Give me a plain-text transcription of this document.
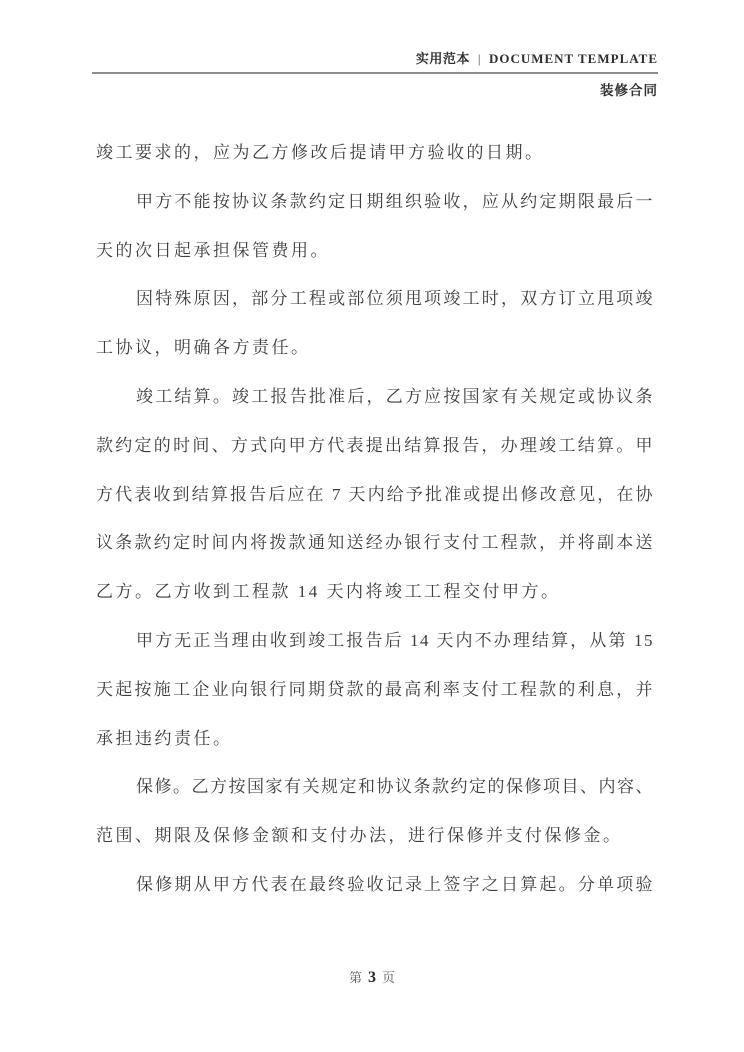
实用范本 | DOCUMENT TEMPLATE
装修合同
竣工要求的，应为乙方修改后提请甲方验收的日期。
甲方不能按协议条款约定日期组织验收，应从约定期限最后一
天的次日起承担保管费用。
因特殊原因，部分工程或部位须甩项竣工时，双方订立甩项竣
工协议，明确各方责任。
竣工结算。竣工报告批准后，乙方应按国家有关规定或协议条
款约定的时间、方式向甲方代表提出结算报告，办理竣工结算。甲
方代表收到结算报告后应在 7 天内给予批准或提出修改意见，在协
议条款约定时间内将拨款通知送经办银行支付工程款，并将副本送
乙方。乙方收到工程款 14 天内将竣工工程交付甲方。
甲方无正当理由收到竣工报告后 14 天内不办理结算，从第 15
天起按施工企业向银行同期贷款的最高利率支付工程款的利息，并
承担违约责任。
保修。乙方按国家有关规定和协议条款约定的保修项目、内容、
范围、期限及保修金额和支付办法，进行保修并支付保修金。
保修期从甲方代表在最终验收记录上签字之日算起。分单项验
第 3 页
